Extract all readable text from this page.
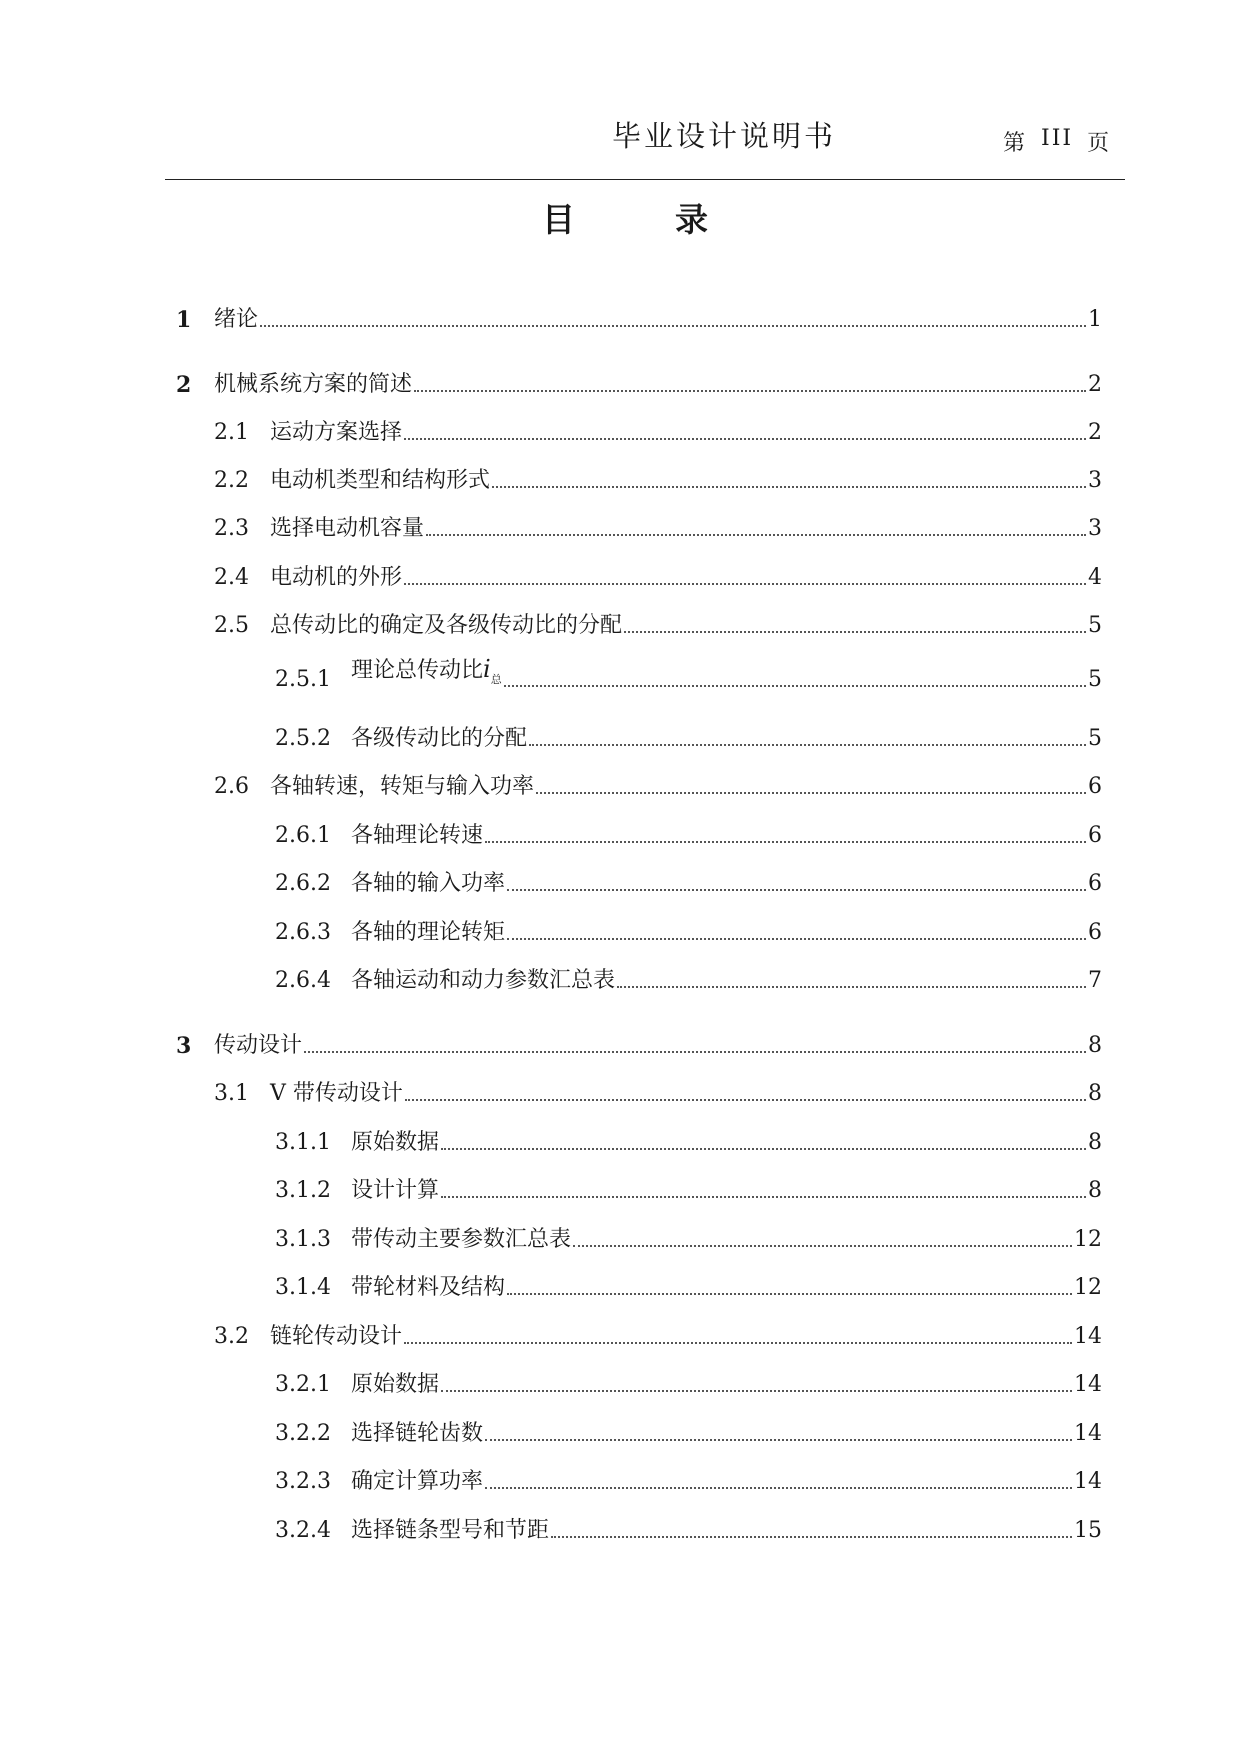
毕业设计说明书	第 III 页
目	录
1	绪论	1
2	机械系统方案的简述	2
2.1 运动方案选择	2
2.2 电动机类型和结构形式	3
2.3 选择电动机容量	3
2.4 电动机的外形	4
2.5 总传动比的确定及各级传动比的分配	5
2.5.1 理论总传动比$i_总$	5
2.5.2 各级传动比的分配	5
2.6 各轴转速，转矩与输入功率	6
2.6.1 各轴理论转速	6
2.6.2 各轴的输入功率	6
2.6.3 各轴的理论转矩	6
2.6.4 各轴运动和动力参数汇总表	7
3	传动设计	8
3.1 V 带传动设计	8
3.1.1 原始数据	8
3.1.2 设计计算	8
3.1.3 带传动主要参数汇总表	12
3.1.4 带轮材料及结构	12
3.2 链轮传动设计	14
3.2.1 原始数据	14
3.2.2 选择链轮齿数	14
3.2.3 确定计算功率	14
3.2.4 选择链条型号和节距	15
